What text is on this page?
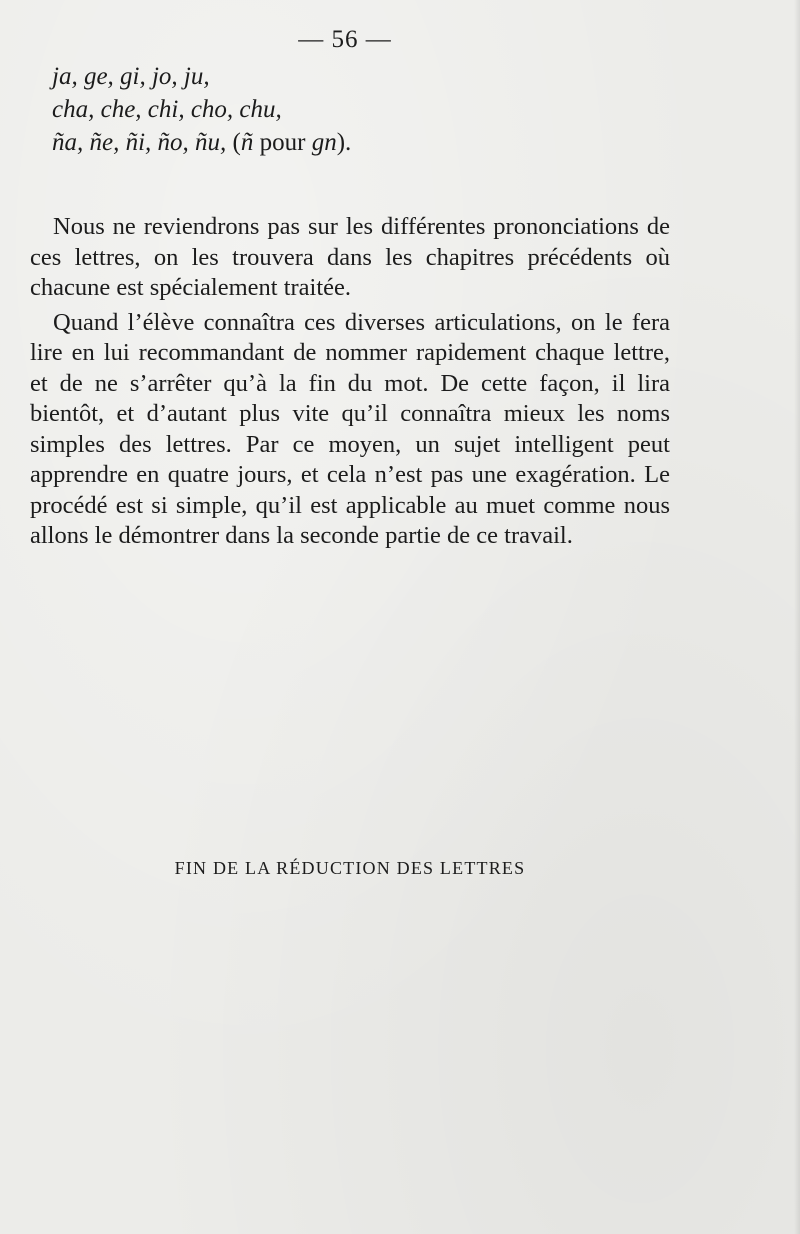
— 56 —
ja, ge, gi, jo, ju,
cha, che, chi, cho, chu,
ña, ñe, ñi, ño, ñu, (ñ pour gn).

Nous ne reviendrons pas sur les différentes prononciations de ces lettres, on les trouvera dans les chapitres précédents où chacune est spécialement traitée.

Quand l’élève connaîtra ces diverses articulations, on le fera lire en lui recommandant de nommer rapidement chaque lettre, et de ne s’arrêter qu’à la fin du mot. De cette façon, il lira bientôt, et d’autant plus vite qu’il connaîtra mieux les noms simples des lettres. Par ce moyen, un sujet intelligent peut apprendre en quatre jours, et cela n’est pas une exagération. Le procédé est si simple, qu’il est applicable au muet comme nous allons le démontrer dans la seconde partie de ce travail.

FIN DE LA RÉDUCTION DES LETTRES
